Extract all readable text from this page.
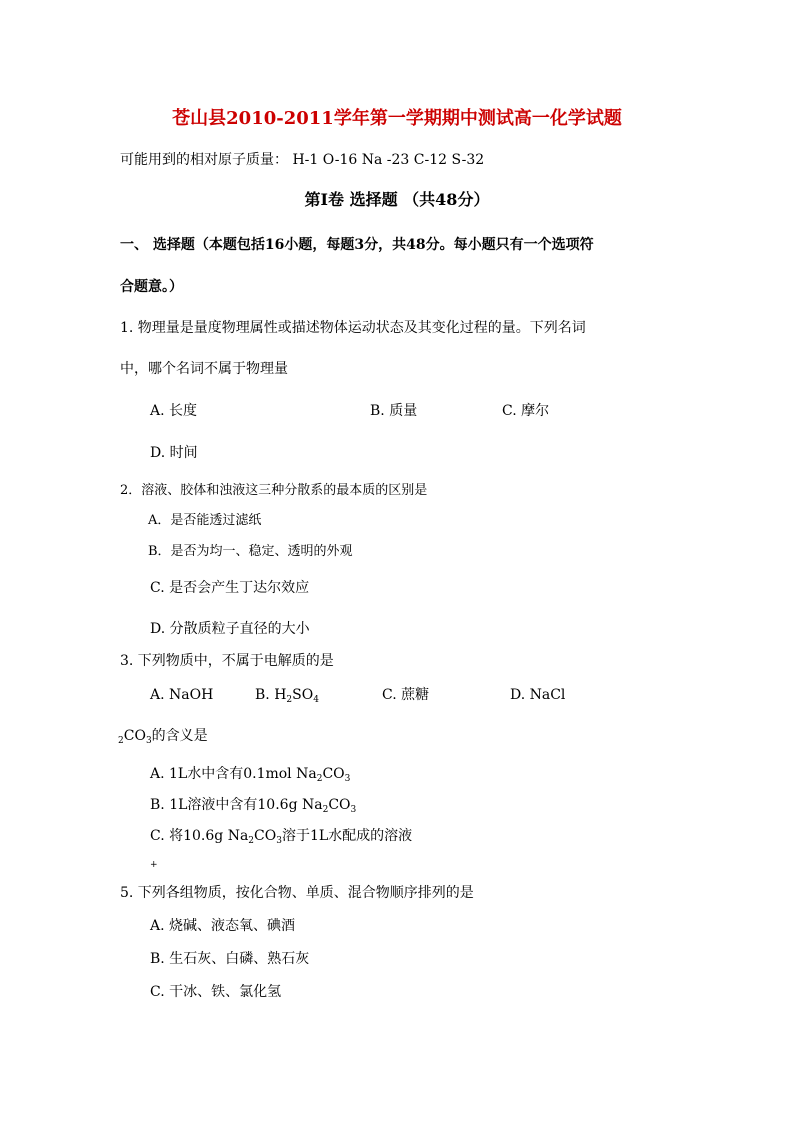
苍山县2010-2011学年第一学期期中测试高一化学试题
可能用到的相对原子质量： H-1 O-16 Na -23 C-12 S-32
第Ⅰ卷 选择题 （共48分）
一、 选择题（本题包括16小题，每题3分，共48分。每小题只有一个选项符
合题意。）
1. 物理量是量度物理属性或描述物体运动状态及其变化过程的量。下列名词
中，哪个名词不属于物理量
A. 长度	B. 质量	C. 摩尔
D. 时间
2．溶液、胶体和浊液这三种分散系的最本质的区别是
A．是否能透过滤纸
B．是否为均一、稳定、透明的外观
C. 是否会产生丁达尔效应
D. 分散质粒子直径的大小
3. 下列物质中，不属于电解质的是
A. NaOH	B. $H_2SO_4$	C. 蔗糖	D. NaCl
$_2CO_3$的含义是
A. 1L水中含有0.1mol $Na_2CO_3$
B. 1L溶液中含有10.6g $Na_2CO_3$
C. 将10.6g $Na_2CO_3$溶于1L水配成的溶液
+
5. 下列各组物质，按化合物、单质、混合物顺序排列的是
A. 烧碱、液态氧、碘酒
B. 生石灰、白磷、熟石灰
C. 干冰、铁、氯化氢
